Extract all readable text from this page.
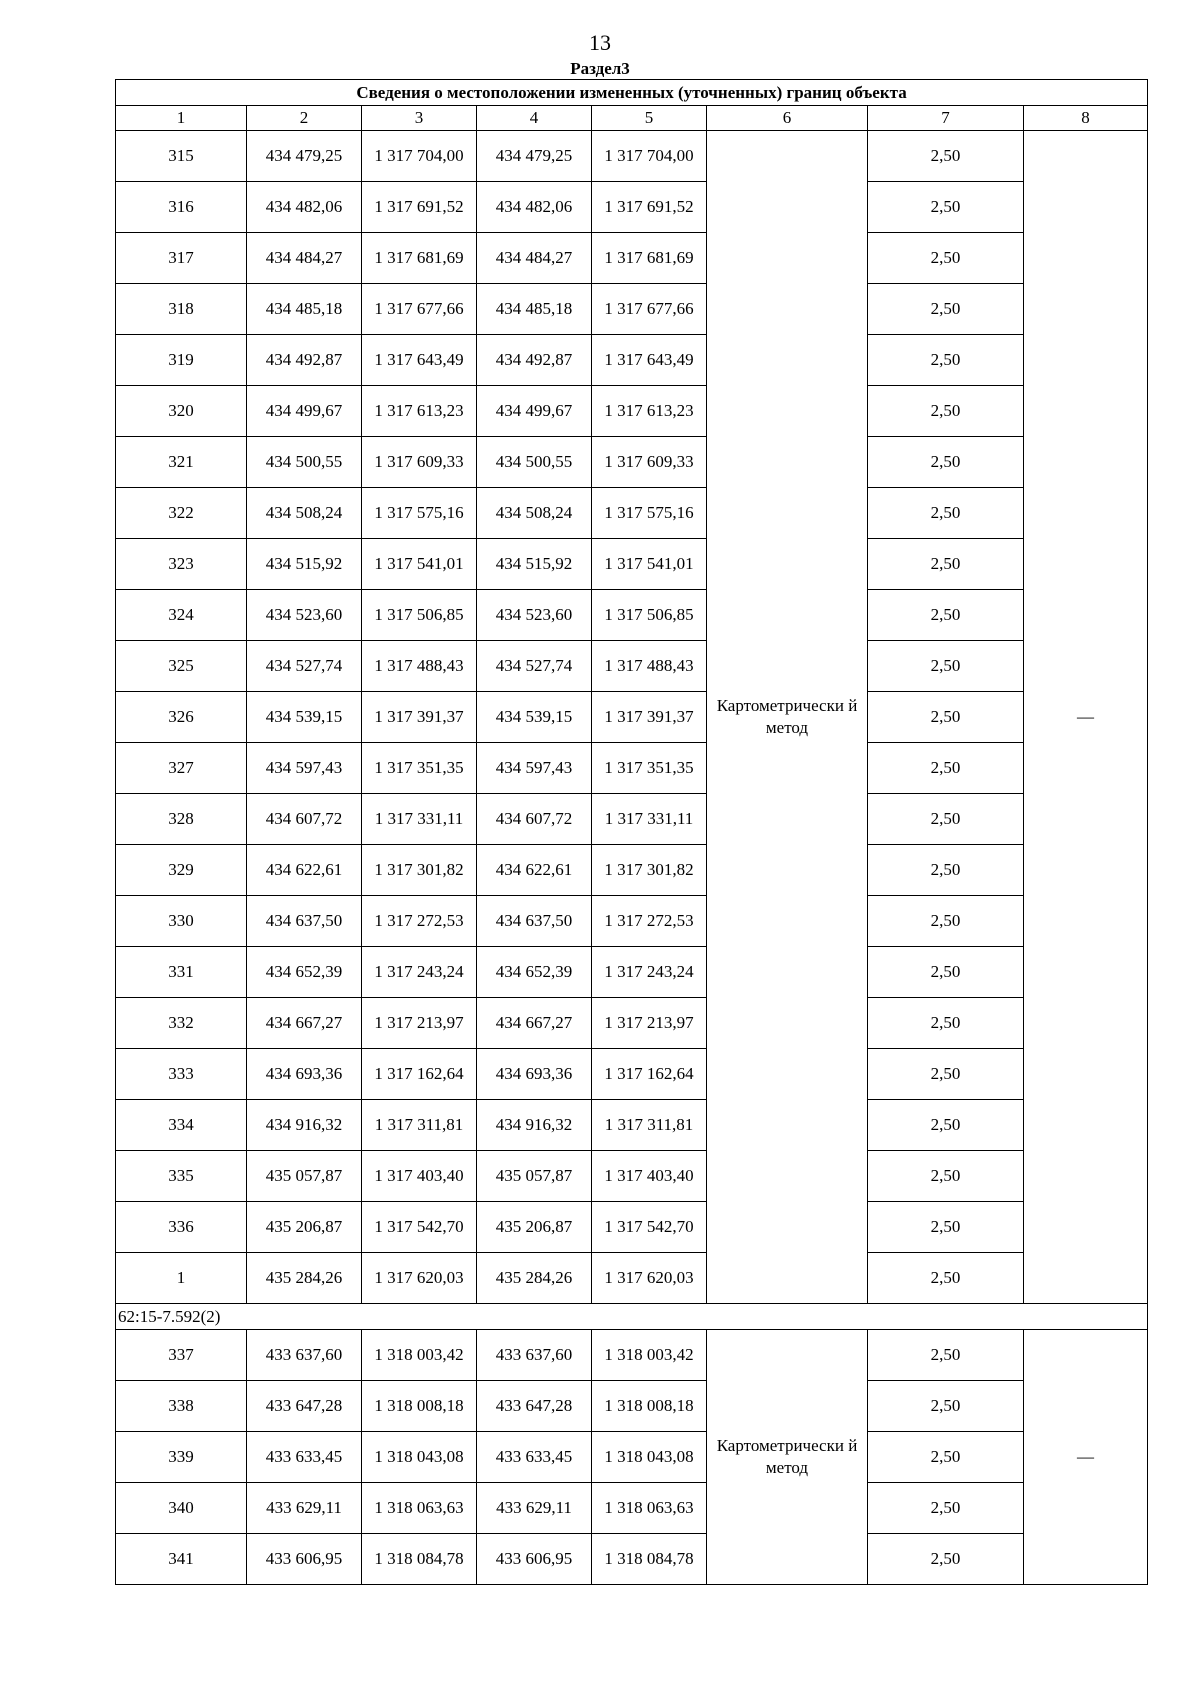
13
Раздел3
Сведения о местоположении измененных (уточненных) границ объекта							
1	2	3	4	5	6	7	8
315	434 479,25	1 317 704,00	434 479,25	1 317 704,00	Картометрически й метод	2,50	—
316	434 482,06	1 317 691,52	434 482,06	1 317 691,52		2,50	
317	434 484,27	1 317 681,69	434 484,27	1 317 681,69		2,50	
318	434 485,18	1 317 677,66	434 485,18	1 317 677,66		2,50	
319	434 492,87	1 317 643,49	434 492,87	1 317 643,49		2,50	
320	434 499,67	1 317 613,23	434 499,67	1 317 613,23		2,50	
321	434 500,55	1 317 609,33	434 500,55	1 317 609,33		2,50	
322	434 508,24	1 317 575,16	434 508,24	1 317 575,16		2,50	
323	434 515,92	1 317 541,01	434 515,92	1 317 541,01		2,50	
324	434 523,60	1 317 506,85	434 523,60	1 317 506,85		2,50	
325	434 527,74	1 317 488,43	434 527,74	1 317 488,43		2,50	
326	434 539,15	1 317 391,37	434 539,15	1 317 391,37		2,50	
327	434 597,43	1 317 351,35	434 597,43	1 317 351,35		2,50	
328	434 607,72	1 317 331,11	434 607,72	1 317 331,11		2,50	
329	434 622,61	1 317 301,82	434 622,61	1 317 301,82		2,50	
330	434 637,50	1 317 272,53	434 637,50	1 317 272,53		2,50	
331	434 652,39	1 317 243,24	434 652,39	1 317 243,24		2,50	
332	434 667,27	1 317 213,97	434 667,27	1 317 213,97		2,50	
333	434 693,36	1 317 162,64	434 693,36	1 317 162,64		2,50	
334	434 916,32	1 317 311,81	434 916,32	1 317 311,81		2,50	
335	435 057,87	1 317 403,40	435 057,87	1 317 403,40		2,50	
336	435 206,87	1 317 542,70	435 206,87	1 317 542,70		2,50	
1	435 284,26	1 317 620,03	435 284,26	1 317 620,03		2,50	
62:15-7.592(2)							
337	433 637,60	1 318 003,42	433 637,60	1 318 003,42	Картометрически й метод	2,50	—
338	433 647,28	1 318 008,18	433 647,28	1 318 008,18		2,50	
339	433 633,45	1 318 043,08	433 633,45	1 318 043,08		2,50	
340	433 629,11	1 318 063,63	433 629,11	1 318 063,63		2,50	
341	433 606,95	1 318 084,78	433 606,95	1 318 084,78		2,50	
